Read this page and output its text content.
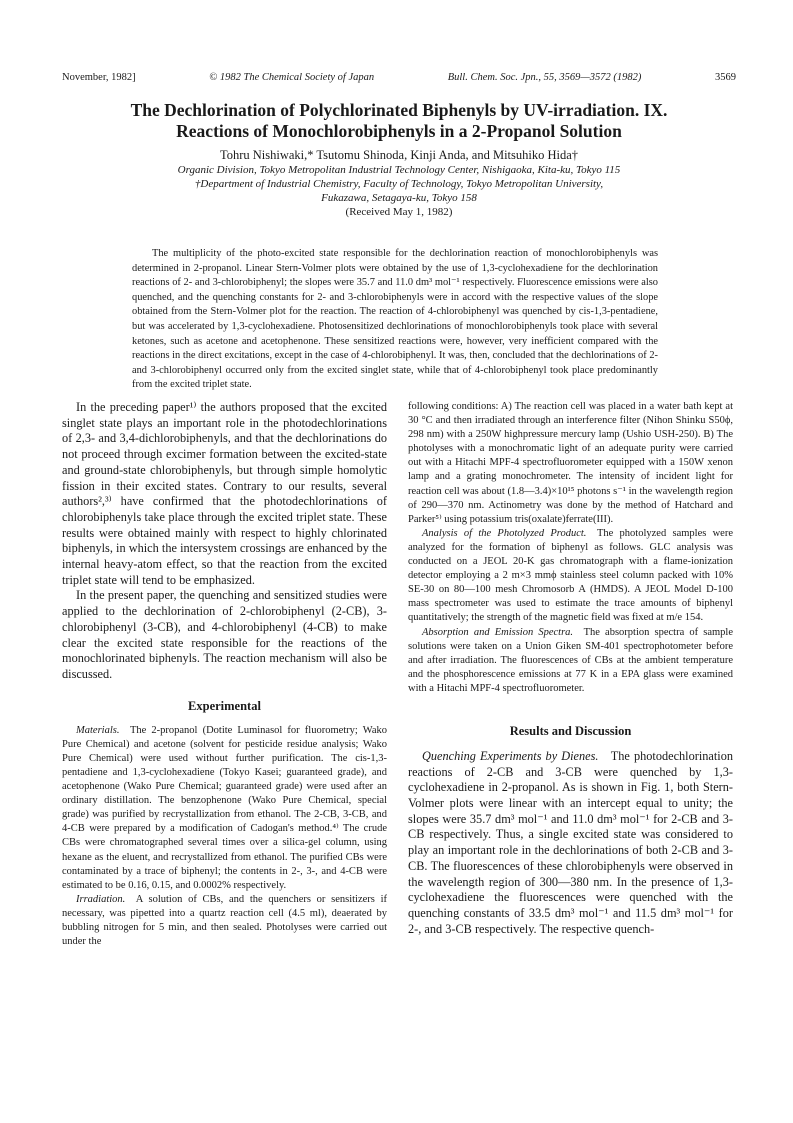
November, 1982]	© 1982 The Chemical Society of Japan	Bull. Chem. Soc. Jpn., 55, 3569—3572 (1982)	3569
The Dechlorination of Polychlorinated Biphenyls by UV-irradiation. IX.
Reactions of Monochlorobiphenyls in a 2-Propanol Solution
Tohru Nishiwaki,* Tsutomu Shinoda, Kinji Anda, and Mitsuhiko Hida†
Organic Division, Tokyo Metropolitan Industrial Technology Center, Nishigaoka, Kita-ku, Tokyo 115
†Department of Industrial Chemistry, Faculty of Technology, Tokyo Metropolitan University,
Fukazawa, Setagaya-ku, Tokyo 158
(Received May 1, 1982)

The multiplicity of the photo-excited state responsible for the dechlorination reaction of monochlorobiphenyls was determined in 2-propanol. Linear Stern-Volmer plots were obtained by the use of 1,3-cyclohexadiene for the dechlorination reactions of 2- and 3-chlorobiphenyl; the slopes were 35.7 and 11.0 dm³ mol⁻¹ respectively. Fluorescence emissions were also quenched, and the quenching constants for 2- and 3-chlorobiphenyls were in accord with the respective values of the slope obtained from the Stern-Volmer plot for the reaction. The reaction of 4-chlorobiphenyl was quenched by cis-1,3-pentadiene, but was accelerated by 1,3-cyclohexadiene. Photosensitized dechlorinations of monochlorobiphenyls took place with several ketones, such as acetone and acetophenone. These sensitized reactions were, however, very inefficient compared with the reactions in the direct excitations, except in the case of 4-chlorobiphenyl. It was, then, concluded that the dechlorinations of 2- and 3-chlorobiphenyl occurred only from the excited singlet state, while that of 4-chlorobiphenyl took place predominantly from the excited triplet state.

In the preceding paper¹⁾ the authors proposed that the excited singlet state plays an important role in the photodechlorinations of 2,3- and 3,4-dichlorobiphenyls, and that the dechlorinations do not proceed through excimer formation between the excited-state and ground-state chlorobiphenyls, but through simple homolytic fission in their excited states. Contrary to our results, several authors²,³⁾ have confirmed that the photodechlorinations of chlorobiphenyls take place through the excited triplet state. These results were obtained mainly with respect to highly chlorinated biphenyls, in which the intersystem crossings are enhanced by the internal heavy-atom effect, so that the reaction from the excited triplet state will tend to be emphasized.

In the present paper, the quenching and sensitized studies were applied to the dechlorination of 2-chlorobiphenyl (2-CB), 3-chlorobiphenyl (3-CB), and 4-chlorobiphenyl (4-CB) to make clear the excited state responsible for the reactions of the monochlorinated biphenyls. The reaction mechanism will also be discussed.

Experimental

Materials.  The 2-propanol (Dotite Luminasol for fluorometry; Wako Pure Chemical) and acetone (solvent for pesticide residue analysis; Wako Pure Chemical) were used without further purification. The cis-1,3-pentadiene and 1,3-cyclohexadiene (Tokyo Kasei; guaranteed grade), and acetophenone (Wako Pure Chemical; guaranteed grade) were used after an ordinary distillation. The benzophenone (Wako Pure Chemical, special grade) was purified by recrystallization from ethanol. The 2-CB, 3-CB, and 4-CB were prepared by a modification of Cadogan's method.⁴⁾ The crude CBs were chromatographed several times over a silica-gel column, using hexane as the eluent, and recrystallized from ethanol. The purified CBs were contaminated by a trace of biphenyl; the contents in 2-, 3-, and 4-CB were estimated to be 0.16, 0.15, and 0.0002% respectively.

Irradiation.  A solution of CBs, and the quenchers or sensitizers if necessary, was pipetted into a quartz reaction cell (4.5 ml), deaerated by bubbling nitrogen for 5 min, and then sealed. Photolyses were carried out under the

following conditions: A) The reaction cell was placed in a water bath kept at 30 °C and then irradiated through an interference filter (Nihon Shinku S50ϕ, 298 nm) with a 250W highpressure mercury lamp (Ushio USH-250). B) The photolyses with a monochromatic light of an adequate purity were carried out with a Hitachi MPF-4 spectrofluorometer equipped with a 150W xenon lamp and a grating monochrometer. The intensity of incident light for reaction cell was about (1.8—3.4)×10¹⁵ photons s⁻¹ in the wavelength region of 290—370 nm. Actinometry was done by the method of Hatchard and Parker⁵⁾ using potassium tris(oxalate)ferrate(III).

Analysis of the Photolyzed Product.  The photolyzed samples were analyzed for the formation of biphenyl as follows. GLC analysis was conducted on a JEOL 20-K gas chromatograph with a flame-ionization detector employing a 2 m×3 mmϕ stainless steel column packed with 10% SE-30 on 80—100 mesh Chromosorb A (HMDS). A JEOL Model D-100 mass spectrometer was used to estimate the trace amounts of biphenyl quantitatively; the strength of the magnetic field was fixed at m/e 154.

Absorption and Emission Spectra.  The absorption spectra of sample solutions were taken on a Union Giken SM-401 spectrophotometer before and after irradiation. The fluorescences of CBs at the ambient temperature and the phosphorescence emissions at 77 K in a EPA glass were examined with a Hitachi MPF-4 spectrofluorometer.

Results and Discussion

Quenching Experiments by Dienes.  The photodechlorination reactions of 2-CB and 3-CB were quenched by 1,3-cyclohexadiene in 2-propanol. As is shown in Fig. 1, both Stern-Volmer plots were linear with an intercept equal to unity; the slopes were 35.7 dm³ mol⁻¹ and 11.0 dm³ mol⁻¹ for 2-CB and 3-CB respectively. Thus, a single excited state was considered to play an important role in the dechlorinations of both 2-CB and 3-CB. The fluorescences of these chlorobiphenyls were observed in the wavelength region of 300—380 nm. In the presence of 1,3-cyclohexadiene the fluorescences were quenched with the quenching constants of 33.5 dm³ mol⁻¹ and 11.5 dm³ mol⁻¹ for 2-, and 3-CB respectively. The respective quench-
